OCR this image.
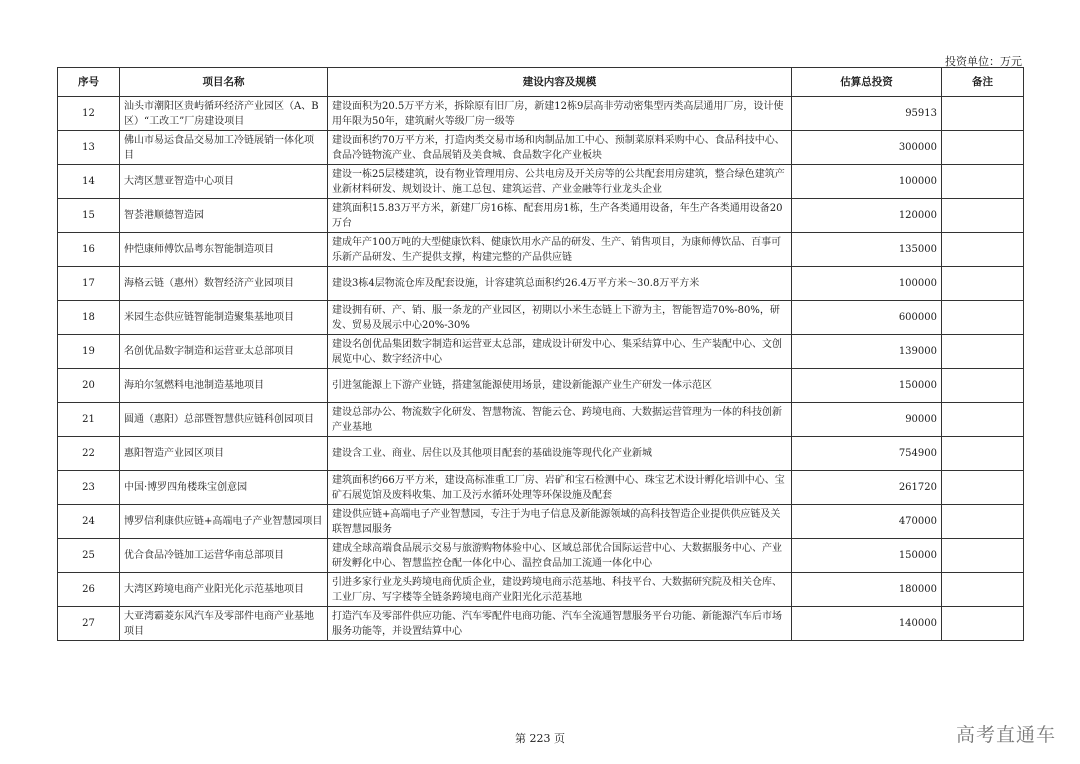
投资单位：万元
序号	项目名称	建设内容及规模	估算总投资	备注
12	汕头市潮阳区贵屿循环经济产业园区（A、B区）“工改工”厂房建设项目	建设面积为20.5万平方米，拆除原有旧厂房，新建12栋9层高非劳动密集型丙类高层通用厂房，设计使用年限为50年，建筑耐火等级厂房一级等	95913	
13	佛山市易运食品交易加工冷链展销一体化项目	建设面积约70万平方米，打造肉类交易市场和肉制品加工中心、预制菜原料采购中心、食品科技中心、食品冷链物流产业、食品展销及美食城、食品数字化产业板块	300000	
14	大湾区慧亚智造中心项目	建设一栋25层楼建筑，设有物业管理用房、公共电房及开关房等的公共配套用房建筑，整合绿色建筑产业新材料研发、规划设计、施工总包、建筑运营、产业金融等行业龙头企业	100000	
15	智荟港顺德智造园	建筑面积15.83万平方米，新建厂房16栋、配套用房1栋，生产各类通用设备，年生产各类通用设备20万台	120000	
16	仲恺康师傅饮品粤东智能制造项目	建成年产100万吨的大型健康饮料、健康饮用水产品的研发、生产、销售项目，为康师傅饮品、百事可乐新产品研发、生产提供支撑，构建完整的产品供应链	135000	
17	海格云链（惠州）数智经济产业园项目	建设3栋4层物流仓库及配套设施，计容建筑总面积约26.4万平方米～30.8万平方米	100000	
18	米园生态供应链智能制造聚集基地项目	建设拥有研、产、销、服一条龙的产业园区，初期以小米生态链上下游为主，智能智造70%-80%，研发、贸易及展示中心20%-30%	600000	
19	名创优品数字制造和运营亚太总部项目	建设名创优品集团数字制造和运营亚太总部，建成设计研发中心、集采结算中心、生产装配中心、文创展览中心、数字经济中心	139000	
20	海珀尔氢燃料电池制造基地项目	引进氢能源上下游产业链，搭建氢能源使用场景，建设新能源产业生产研发一体示范区	150000	
21	圆通（惠阳）总部暨智慧供应链科创园项目	建设总部办公、物流数字化研发、智慧物流、智能云仓、跨境电商、大数据运营管理为一体的科技创新产业基地	90000	
22	惠阳智造产业园区项目	建设含工业、商业、居住以及其他项目配套的基础设施等现代化产业新城	754900	
23	中国·博罗四角楼珠宝创意园	建筑面积约66万平方米，建设高标准重工厂房、岩矿和宝石检测中心、珠宝艺术设计孵化培训中心、宝矿石展览馆及废料收集、加工及污水循环处理等环保设施及配套	261720	
24	博罗信利康供应链+高端电子产业智慧园项目	建设供应链+高端电子产业智慧园，专注于为电子信息及新能源领域的高科技智造企业提供供应链及关联智慧园服务	470000	
25	优合食品冷链加工运营华南总部项目	建成全球高端食品展示交易与旅游购物体验中心、区域总部优合国际运营中心、大数据服务中心、产业研发孵化中心、智慧监控仓配一体化中心、温控食品加工流通一体化中心	150000	
26	大湾区跨境电商产业阳光化示范基地项目	引进多家行业龙头跨境电商优质企业，建设跨境电商示范基地、科技平台、大数据研究院及相关仓库、工业厂房、写字楼等全链条跨境电商产业阳光化示范基地	180000	
27	大亚湾霸菱东风汽车及零部件电商产业基地项目	打造汽车及零部件供应功能、汽车零配件电商功能、汽车全流通智慧服务平台功能、新能源汽车后市场服务功能等，并设置结算中心	140000	
第 223 页	高考直通车
